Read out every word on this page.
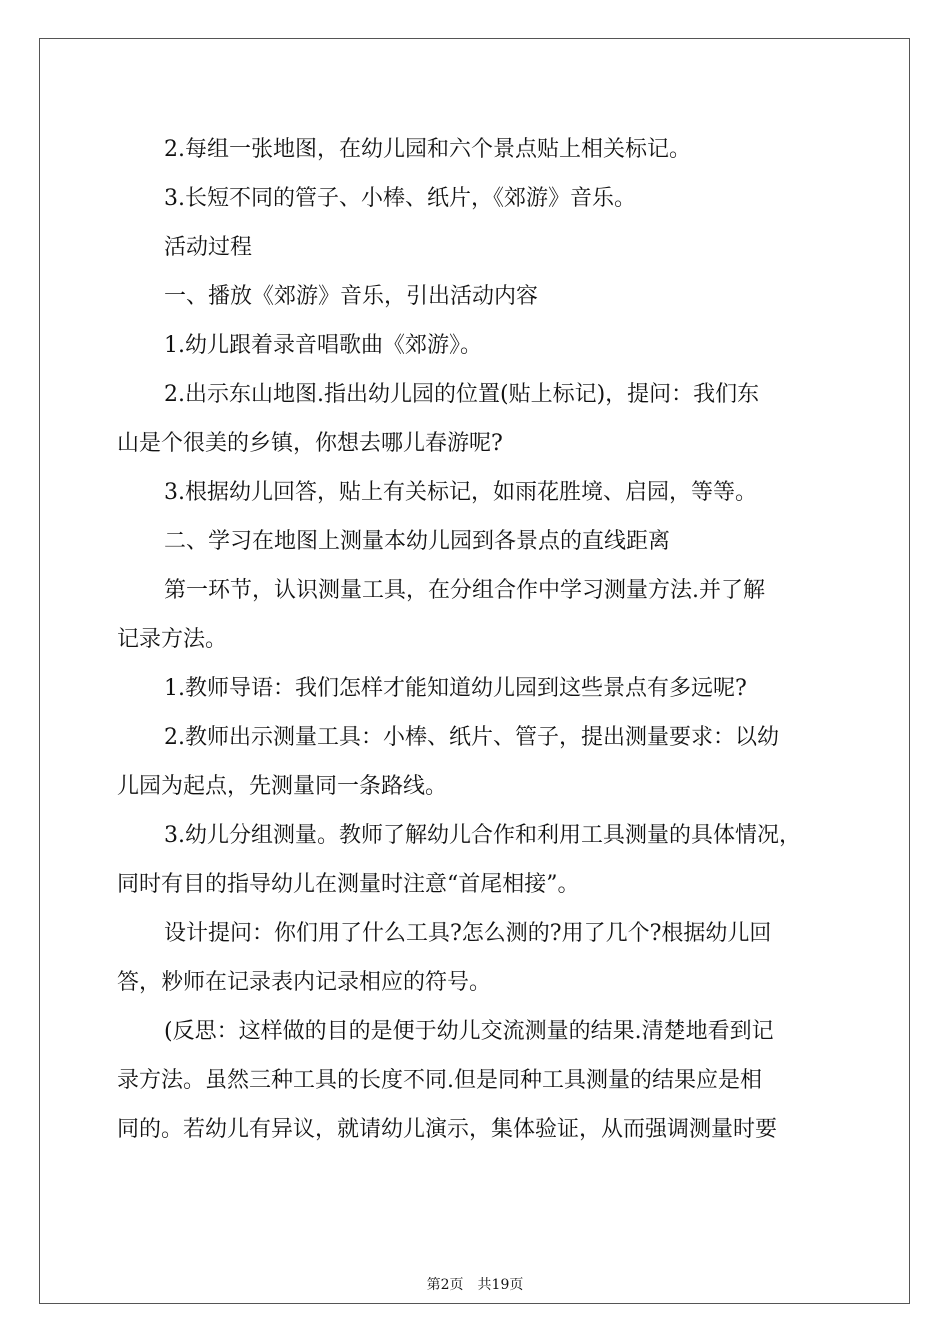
2.每组一张地图，在幼儿园和六个景点贴上相关标记。

3.长短不同的管子、小棒、纸片，《郊游》音乐。

活动过程

一、播放《郊游》音乐，引出活动内容

1.幼儿跟着录音唱歌曲《郊游》。

2.出示东山地图.指出幼儿园的位置(贴上标记)，提问：我们东

山是个很美的乡镇，你想去哪儿春游呢?

3.根据幼儿回答，贴上有关标记，如雨花胜境、启园，等等。

二、学习在地图上测量本幼儿园到各景点的直线距离

第一环节，认识测量工具，在分组合作中学习测量方法.并了解

记录方法。

1.教师导语：我们怎样才能知道幼儿园到这些景点有多远呢?

2.教师出示测量工具：小棒、纸片、管子，提出测量要求：以幼

儿园为起点，先测量同一条路线。

3.幼儿分组测量。教师了解幼儿合作和利用工具测量的具体情况，

同时有目的指导幼儿在测量时注意“首尾相接”。

设计提问：你们用了什么工具?怎么测的?用了几个?根据幼儿回

答，粆师在记录表内记录相应的符号。

(反思：这样做的目的是便于幼儿交流测量的结果.清楚地看到记

录方法。虽然三种工具的长度不同.但是同种工具测量的结果应是相

同的。若幼儿有异议，就请幼儿演示，集体验证，从而强调测量时要

第2页　共19页
